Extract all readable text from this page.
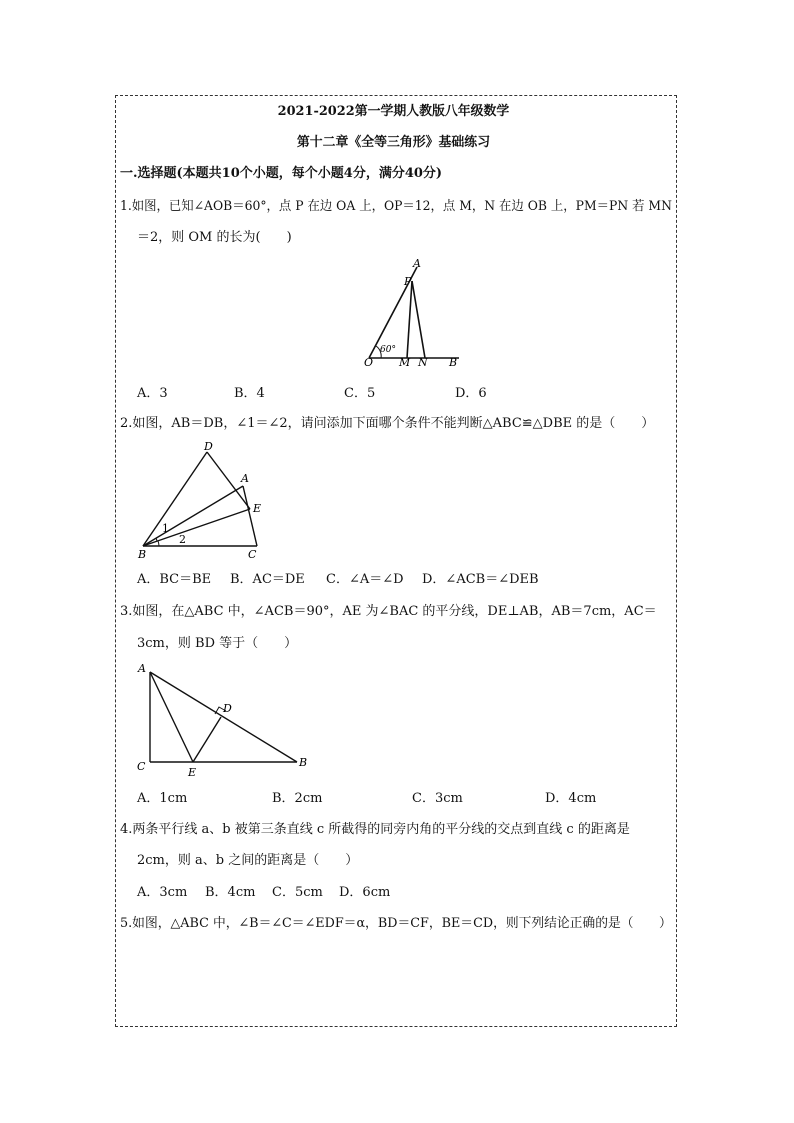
2021-2022第一学期人教版八年级数学
第十二章《全等三角形》基础练习
一.选择题(本题共10个小题，每个小题4分，满分40分)
1.如图，已知∠AOB＝60°，点 P 在边 OA 上，OP＝12，点 M，N 在边 OB 上，PM＝PN 若 MN
＝2，则 OM 的长为(　　)
A
P
O M N B
60°
A．3	B．4	C．5	D．6
2.如图，AB＝DB，∠1＝∠2，请问添加下面哪个条件不能判断△ABC≌△DBE 的是（　　）
D
A
E
B	C
1
2
A．BC＝BE B．AC＝DE C．∠A＝∠D D．∠ACB＝∠DEB
3.如图，在△ABC 中，∠ACB＝90°，AE 为∠BAC 的平分线，DE⊥AB，AB＝7cm，AC＝
3cm，则 BD 等于（　　）
A
D
C	E
B
A．1cm	B．2cm	C．3cm	D．4cm
4.两条平行线 a、b 被第三条直线 c 所截得的同旁内角的平分线的交点到直线 c 的距离是
2cm，则 a、b 之间的距离是（　　）
A．3cm B．4cm C．5cm D．6cm
5.如图，△ABC 中，∠B＝∠C＝∠EDF＝α，BD＝CF，BE＝CD，则下列结论正确的是（　　）
